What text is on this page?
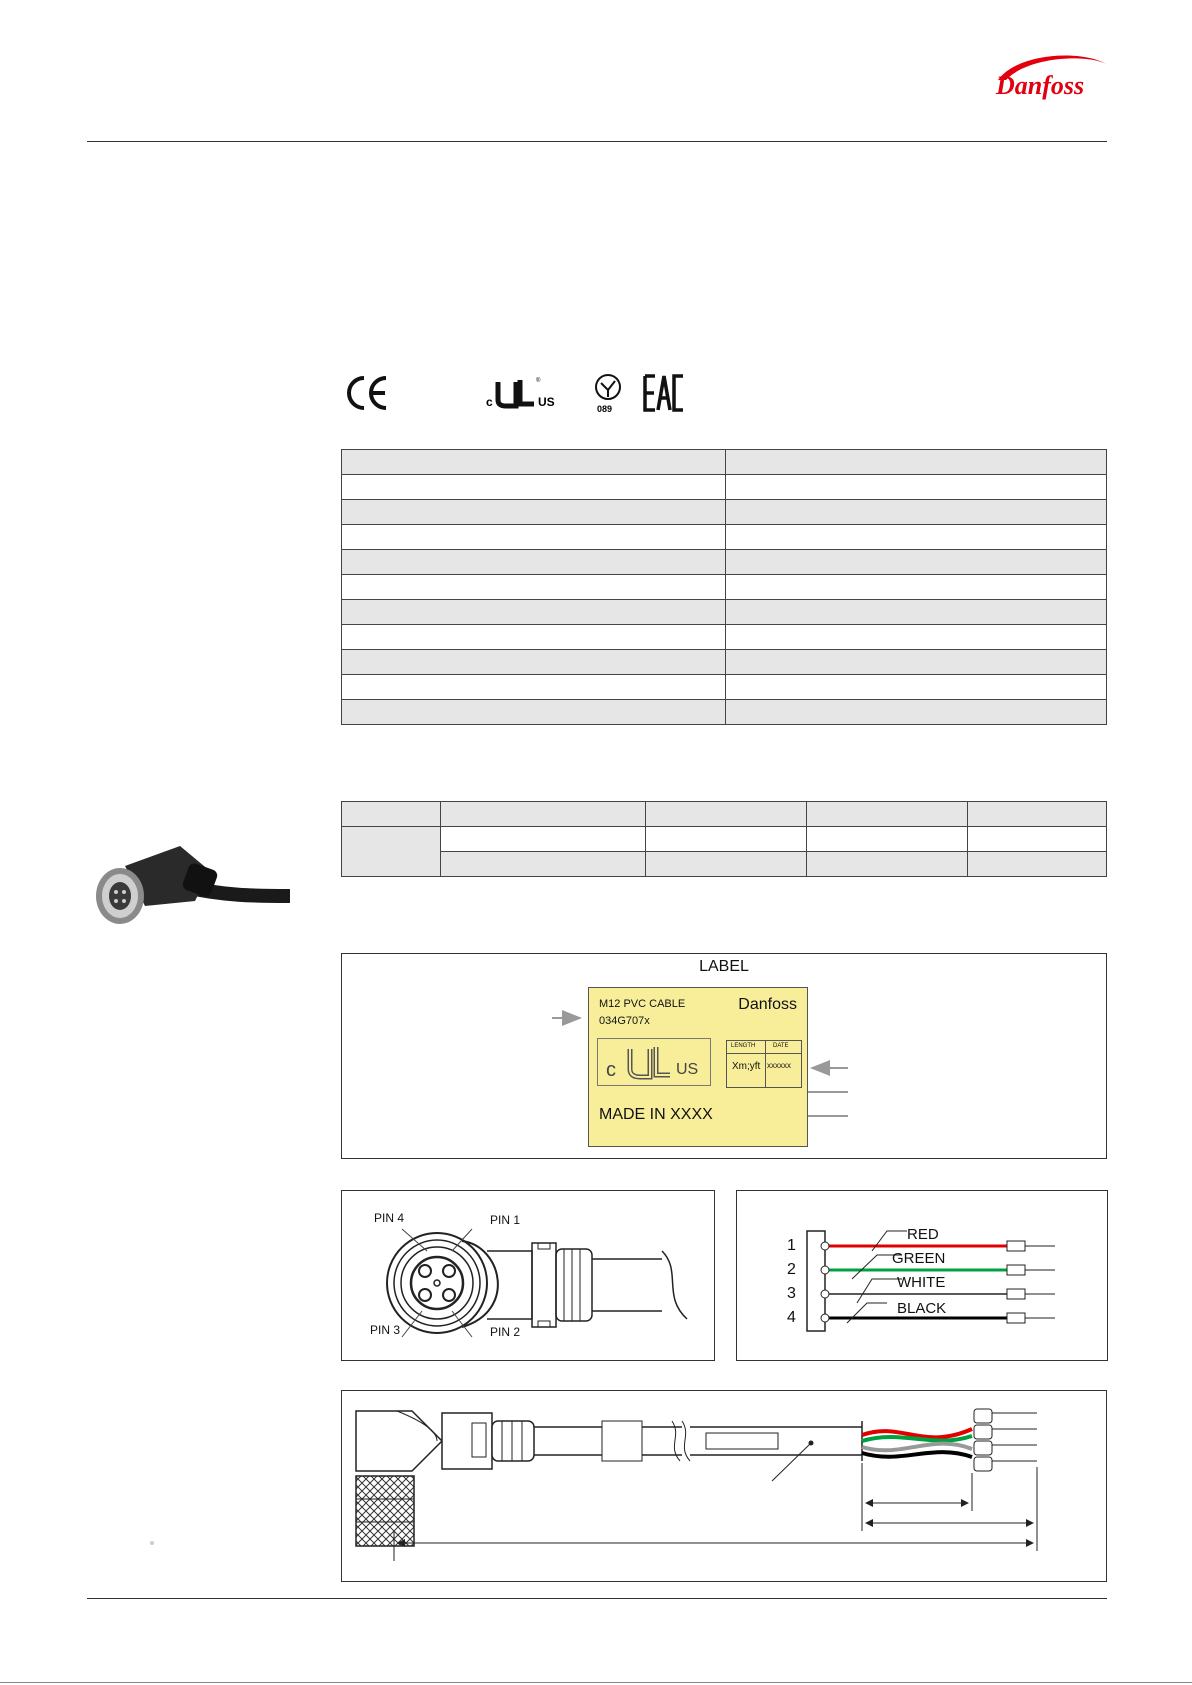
Danfoss
c	US
®
089

LABEL
M12 PVC CABLE
034G707x
Danfoss
c	US
LENGTH	DATE
Xm;yft xxxxxx
MADE IN XXXX
PIN 4	PIN 1
PIN 3	PIN 2
1
2
3
4
RED
GREEN
WHITE
BLACK
